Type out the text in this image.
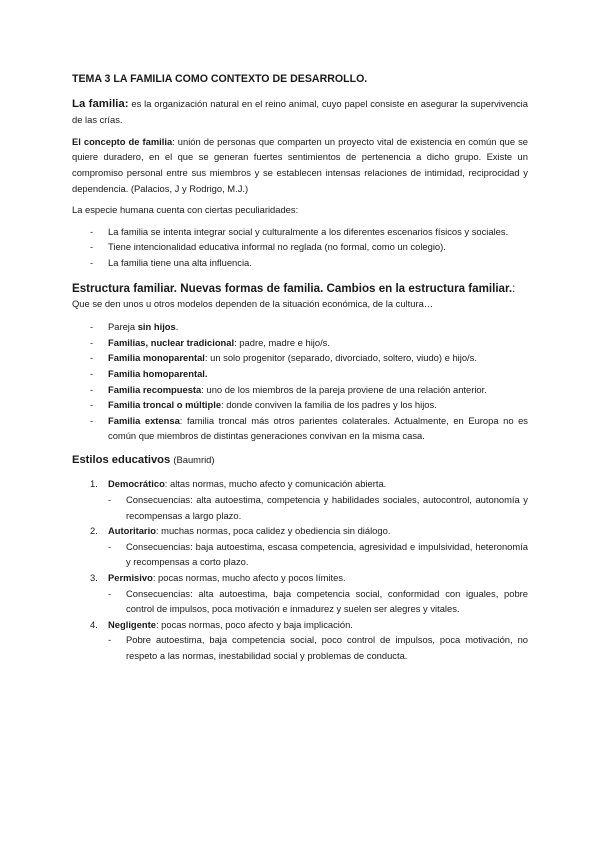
TEMA 3 LA FAMILIA COMO CONTEXTO DE DESARROLLO.

La familia: es la organización natural en el reino animal, cuyo papel consiste en asegurar la supervivencia de las crías.

El concepto de familia: unión de personas que comparten un proyecto vital de existencia en común que se quiere duradero, en el que se generan fuertes sentimientos de pertenencia a dicho grupo. Existe un compromiso personal entre sus miembros y se establecen intensas relaciones de intimidad, reciprocidad y dependencia. (Palacios, J y Rodrigo, M.J.)

La especie humana cuenta con ciertas peculiaridades:

- La familia se intenta integrar social y culturalmente a los diferentes escenarios físicos y sociales.
- Tiene intencionalidad educativa informal no reglada (no formal, como un colegio).
- La familia tiene una alta influencia.
Estructura familiar. Nuevas formas de familia. Cambios en la estructura familiar.:
Que se den unos u otros modelos dependen de la situación económica, de la cultura…
- Pareja sin hijos.
- Familias, nuclear tradicional: padre, madre e hijo/s.
- Familia monoparental: un solo progenitor (separado, divorciado, soltero, viudo) e hijo/s.
- Familia homoparental.
- Familia recompuesta: uno de los miembros de la pareja proviene de una relación anterior.
- Familia troncal o múltiple: donde conviven la familia de los padres y los hijos.
- Familia extensa: familia troncal más otros parientes colaterales. Actualmente, en Europa no es común que miembros de distintas generaciones convivan en la misma casa.
Estilos educativos (Baumrid)
1. Democrático: altas normas, mucho afecto y comunicación abierta.
- Consecuencias: alta autoestima, competencia y habilidades sociales, autocontrol, autonomía y recompensas a largo plazo.
2. Autoritario: muchas normas, poca calidez y obediencia sin diálogo.
- Consecuencias: baja autoestima, escasa competencia, agresividad e impulsividad, heteronomía y recompensas a corto plazo.
3. Permisivo: pocas normas, mucho afecto y pocos límites.
- Consecuencias: alta autoestima, baja competencia social, conformidad con iguales, pobre control de impulsos, poca motivación e inmadurez y suelen ser alegres y vitales.
4. Negligente: pocas normas, poco afecto y baja implicación.
- Pobre autoestima, baja competencia social, poco control de impulsos, poca motivación, no respeto a las normas, inestabilidad social y problemas de conducta.
